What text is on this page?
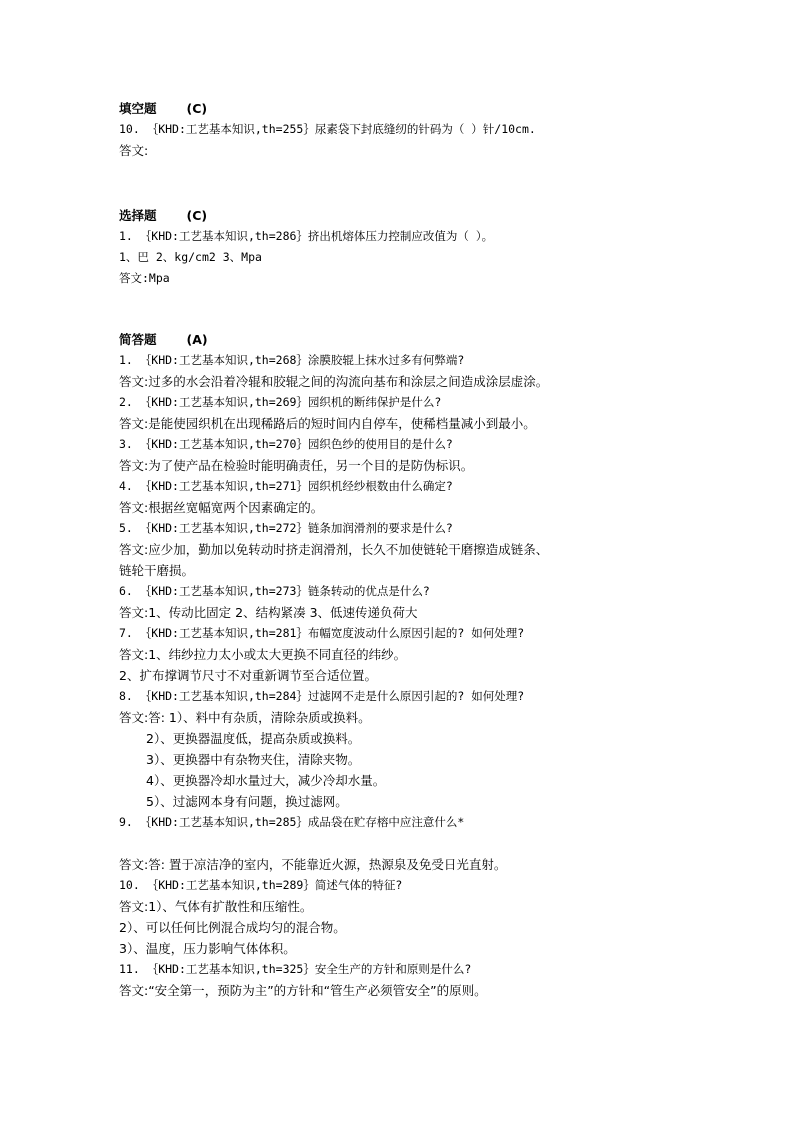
填空题 (C)
10. ｛KHD:工艺基本知识,th=255｝尿素袋下封底缝纫的针码为（ ）针/10cm.
答文:
选择题 (C)
1. ｛KHD:工艺基本知识,th=286｝挤出机熔体压力控制应改值为（ ）。
1、巴 2、kg/cm2 3、Mpa
答文:Mpa
简答题 (A)
1. ｛KHD:工艺基本知识,th=268｝涂膜胶辊上抹水过多有何弊端?
答文:过多的水会沿着冷辊和胶辊之间的沟流向基布和涂层之间造成涂层虚涂。
2. ｛KHD:工艺基本知识,th=269｝园织机的断纬保护是什么?
答文:是能使园织机在出现稀路后的短时间内自停车，使稀档量减小到最小。
3. ｛KHD:工艺基本知识,th=270｝园织色纱的使用目的是什么?
答文:为了使产品在检验时能明确责任，另一个目的是防伪标识。
4. ｛KHD:工艺基本知识,th=271｝园织机经纱根数由什么确定?
答文:根据丝宽幅宽两个因素确定的。
5. ｛KHD:工艺基本知识,th=272｝链条加润滑剂的要求是什么?
答文:应少加，勤加以免转动时挤走润滑剂，长久不加使链轮干磨擦造成链条、
链轮干磨损。
6. ｛KHD:工艺基本知识,th=273｝链条转动的优点是什么?
答文:1、传动比固定 2、结构紧凑 3、低速传递负荷大
7. ｛KHD:工艺基本知识,th=281｝布幅宽度波动什么原因引起的? 如何处理?
答文:1、纬纱拉力太小或太大更换不同直径的纬纱。
2、扩布撑调节尺寸不对重新调节至合适位置。
8. ｛KHD:工艺基本知识,th=284｝过滤网不走是什么原因引起的? 如何处理?
答文:答: 1）、料中有杂质，清除杂质或换料。
2）、更换器温度低，提高杂质或换料。
3）、更换器中有杂物夹住，清除夹物。
4）、更换器冷却水量过大，减少冷却水量。
5）、过滤网本身有问题，换过滤网。
9. ｛KHD:工艺基本知识,th=285｝成品袋在贮存榕中应注意什么*
答文:答: 置于凉洁净的室内，不能靠近火源，热源泉及免受日光直射。
10. ｛KHD:工艺基本知识,th=289｝简述气体的特征?
答文:1）、气体有扩散性和压缩性。
2）、可以任何比例混合成均匀的混合物。
3）、温度，压力影响气体体积。
11. ｛KHD:工艺基本知识,th=325｝安全生产的方针和原则是什么?
答文:“安全第一，预防为主”的方针和“管生产必须管安全”的原则。
